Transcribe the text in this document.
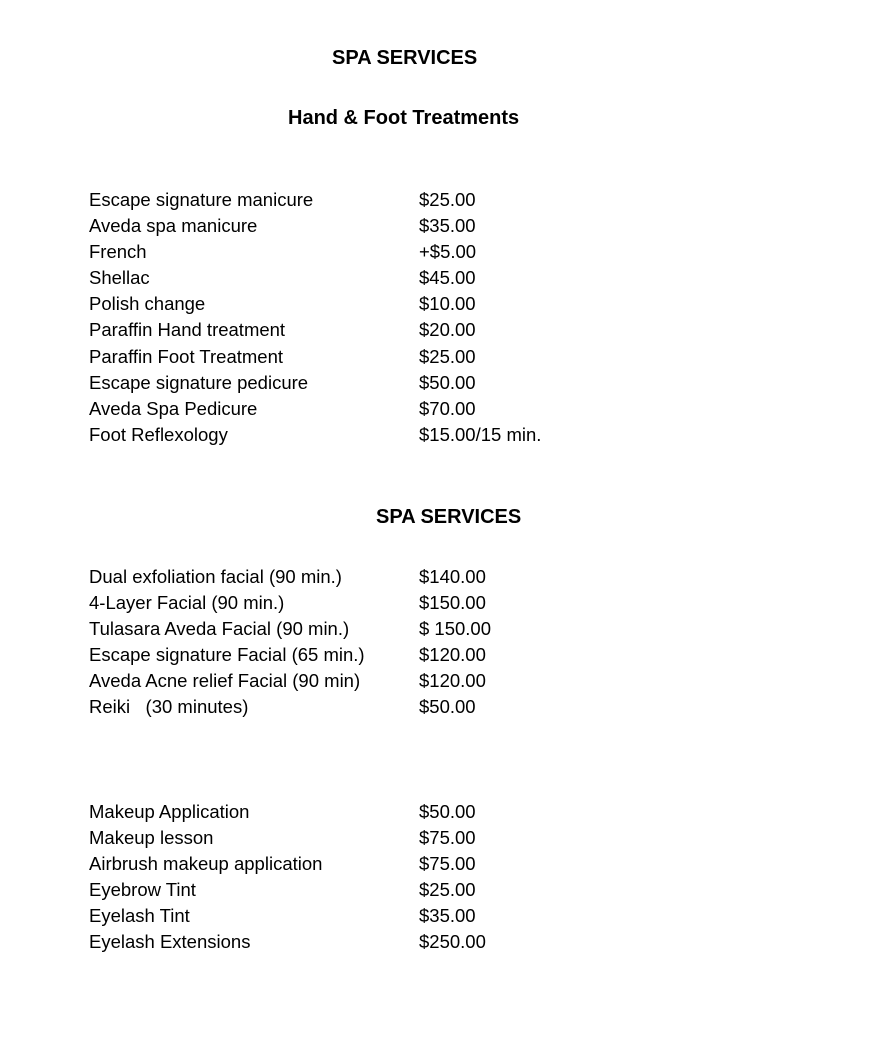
SPA SERVICES
Hand & Foot Treatments
Escape signature manicure	$25.00
Aveda spa manicure	$35.00
French	+$5.00
Shellac	$45.00
Polish change	$10.00
Paraffin Hand treatment	$20.00
Paraffin Foot Treatment	$25.00
Escape signature pedicure	$50.00
Aveda Spa Pedicure	$70.00
Foot Reflexology	$15.00/15 min.
SPA SERVICES
Dual exfoliation facial (90 min.)	$140.00
4-Layer Facial (90 min.)	$150.00
Tulasara Aveda Facial (90 min.)	$ 150.00
Escape signature Facial (65 min.)	$120.00
Aveda Acne relief Facial (90 min)	$120.00
Reiki   (30 minutes)	$50.00
Makeup Application	$50.00
Makeup lesson	$75.00
Airbrush makeup application	$75.00
Eyebrow Tint	$25.00
Eyelash Tint	$35.00
Eyelash Extensions	$250.00
